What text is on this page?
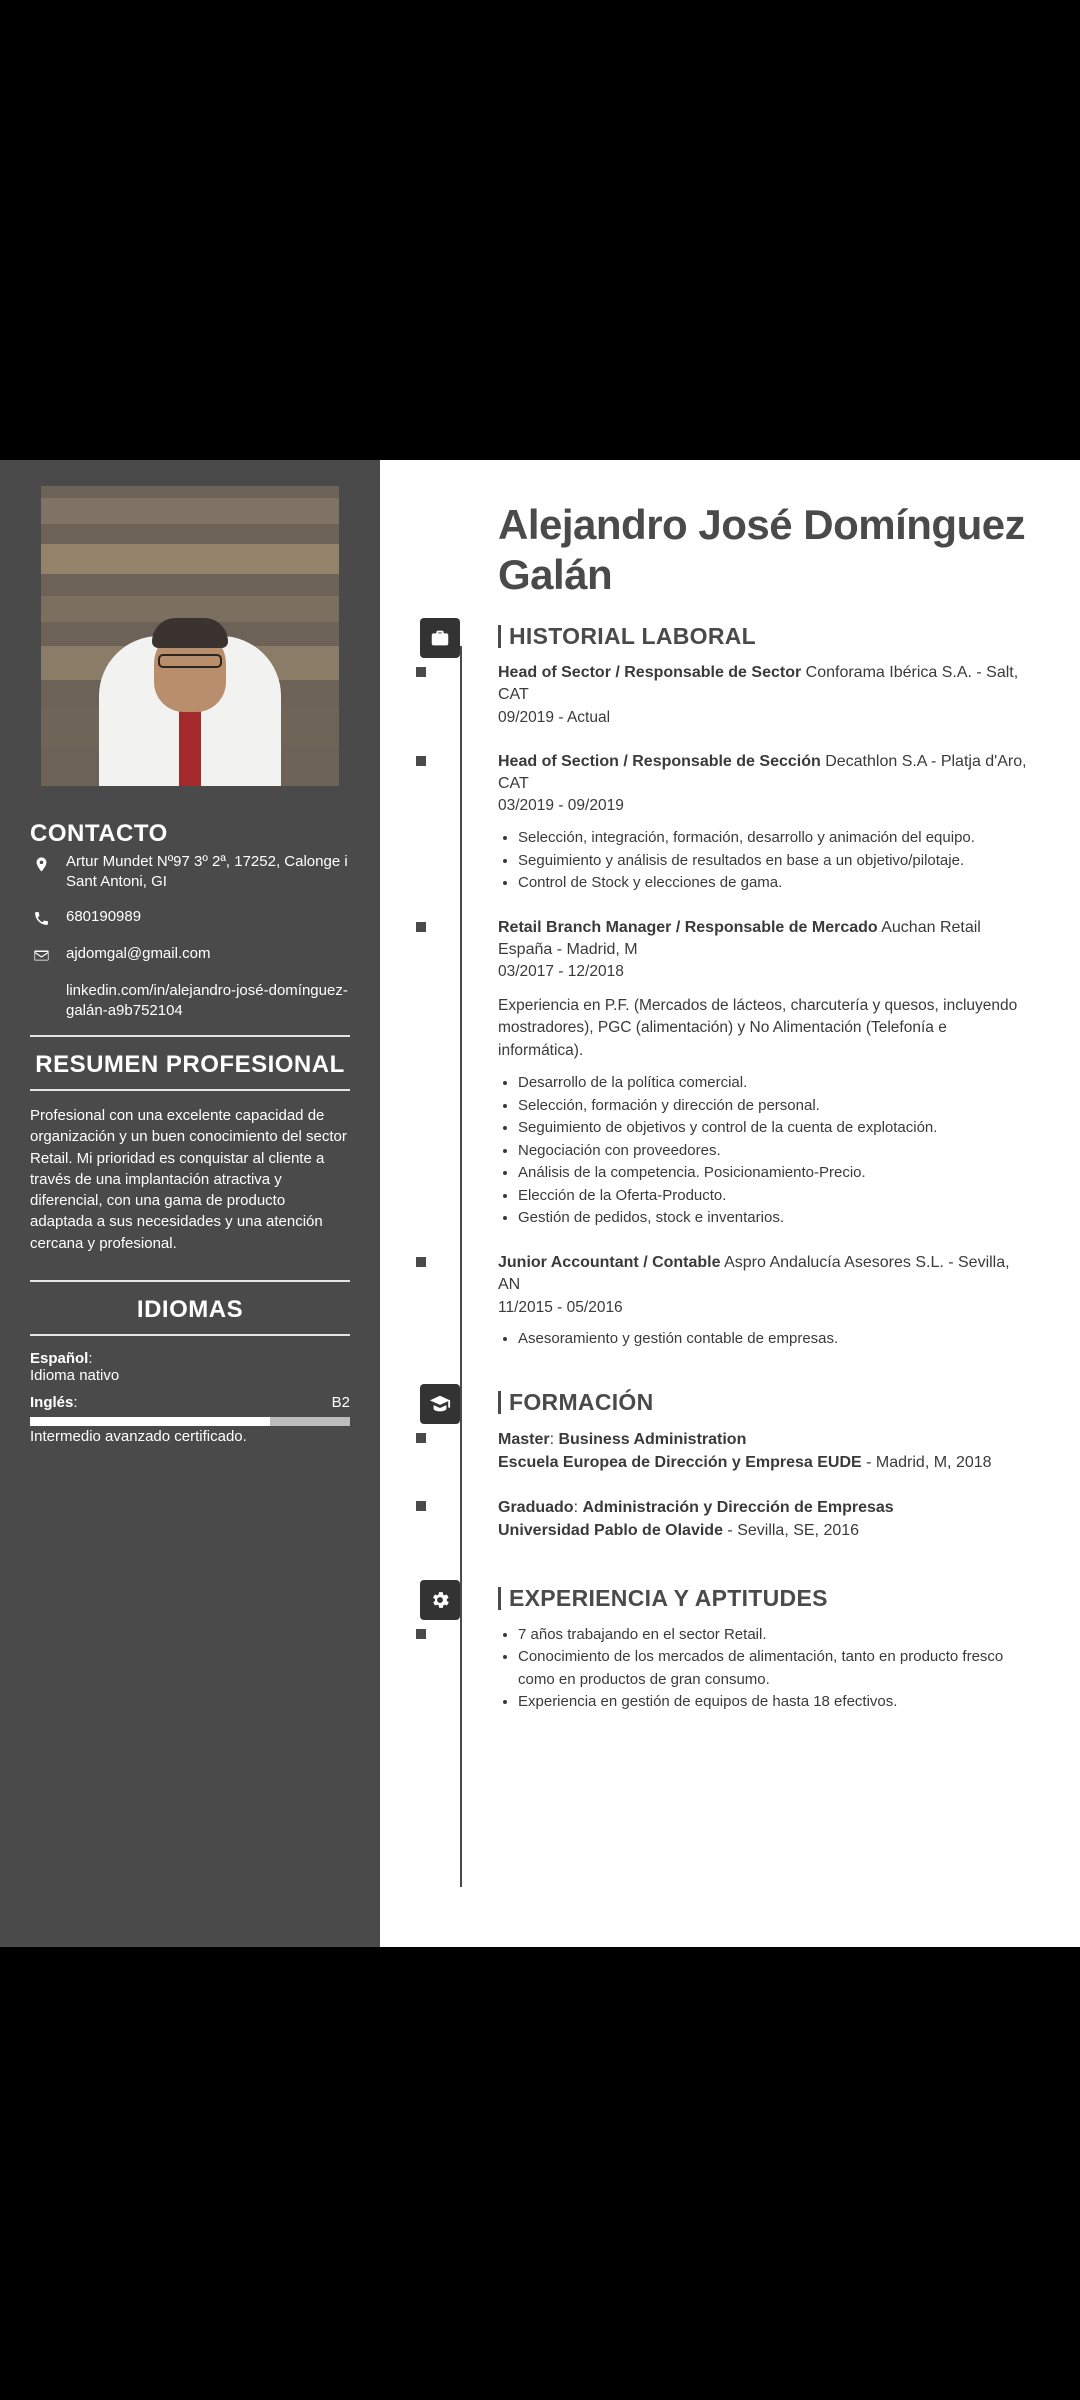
CONTACTO
Artur Mundet Nº97 3º 2ª, 17252, Calonge i Sant Antoni, GI
680190989
ajdomgal@gmail.com
linkedin.com/in/alejandro-josé-domínguez-galán-a9b752104
RESUMEN PROFESIONAL

Profesional con una excelente capacidad de organización y un buen conocimiento del sector Retail. Mi prioridad es conquistar al cliente a través de una implantación atractiva y diferencial, con una gama de producto adaptada a sus necesidades y una atención cercana y profesional.

IDIOMAS
Español:
Idioma nativo
Inglés:	B2
Intermedio avanzado certificado.
Alejandro José Domínguez Galán
HISTORIAL LABORAL
Head of Sector / Responsable de Sector Conforama Ibérica S.A. - Salt, CAT
09/2019 - Actual
Head of Section / Responsable de Sección Decathlon S.A - Platja d'Aro, CAT
03/2019 - 09/2019
• Selección, integración, formación, desarrollo y animación del equipo.
• Seguimiento y análisis de resultados en base a un objetivo/pilotaje.
• Control de Stock y elecciones de gama.
Retail Branch Manager / Responsable de Mercado Auchan Retail España - Madrid, M
03/2017 - 12/2018

Experiencia en P.F. (Mercados de lácteos, charcutería y quesos, incluyendo mostradores), PGC (alimentación) y No Alimentación (Telefonía e informática).

• Desarrollo de la política comercial.
• Selección, formación y dirección de personal.
• Seguimiento de objetivos y control de la cuenta de explotación.
• Negociación con proveedores.
• Análisis de la competencia. Posicionamiento-Precio.
• Elección de la Oferta-Producto.
• Gestión de pedidos, stock e inventarios.
Junior Accountant / Contable Aspro Andalucía Asesores S.L. - Sevilla, AN
11/2015 - 05/2016
• Asesoramiento y gestión contable de empresas.
FORMACIÓN
Master: Business Administration
Escuela Europea de Dirección y Empresa EUDE - Madrid, M, 2018
Graduado: Administración y Dirección de Empresas
Universidad Pablo de Olavide - Sevilla, SE, 2016
EXPERIENCIA Y APTITUDES
• 7 años trabajando en el sector Retail.
• Conocimiento de los mercados de alimentación, tanto en producto fresco como en productos de gran consumo.
• Experiencia en gestión de equipos de hasta 18 efectivos.
